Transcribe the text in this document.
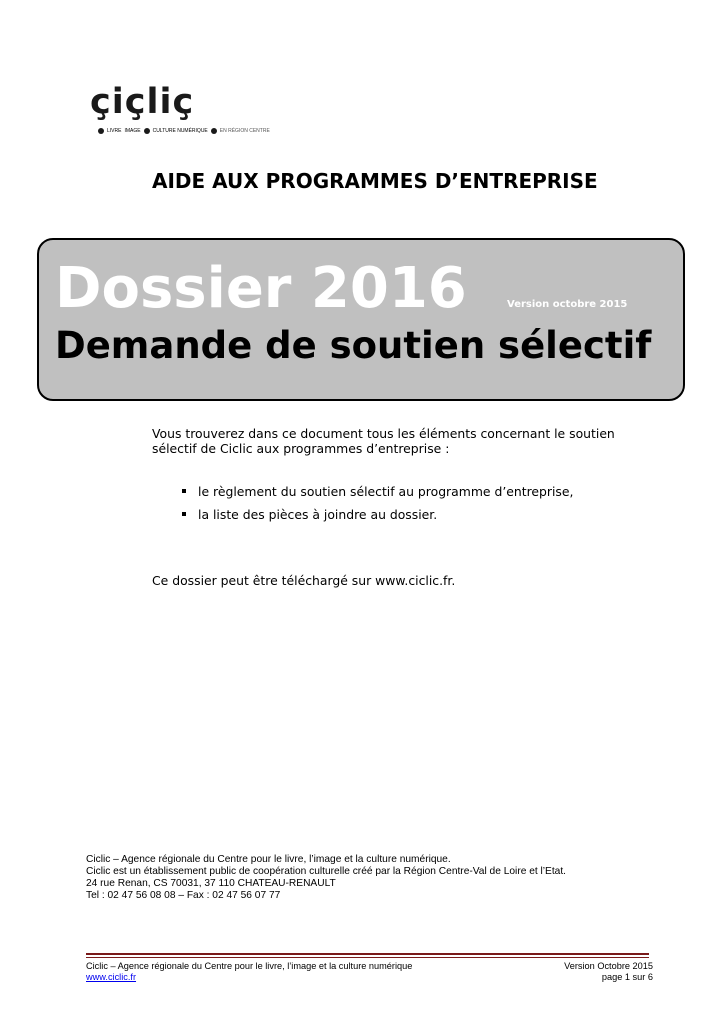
çiçliç
LIVRE IMAGE CULTURE NUMÉRIQUE EN RÉGION CENTRE
AIDE AUX PROGRAMMES D’ENTREPRISE
Dossier 2016	Version octobre 2015
Demande de soutien sélectif
Vous trouverez dans ce document tous les éléments concernant le soutien sélectif de Ciclic aux programmes d’entreprise :
le règlement du soutien sélectif au programme d’entreprise,
la liste des pièces à joindre au dossier.
Ce dossier peut être téléchargé sur www.ciclic.fr.
Ciclic – Agence régionale du Centre pour le livre, l’image et la culture numérique.
Ciclic est un établissement public de coopération culturelle créé par la Région Centre-Val de Loire et l’Etat.
24 rue Renan, CS 70031, 37 110 CHATEAU-RENAULT
Tel : 02 47 56 08 08 – Fax : 02 47 56 07 77
Ciclic – Agence régionale du Centre pour le livre, l’image et la culture numérique
www.ciclic.fr
Version Octobre 2015
page 1 sur 6
